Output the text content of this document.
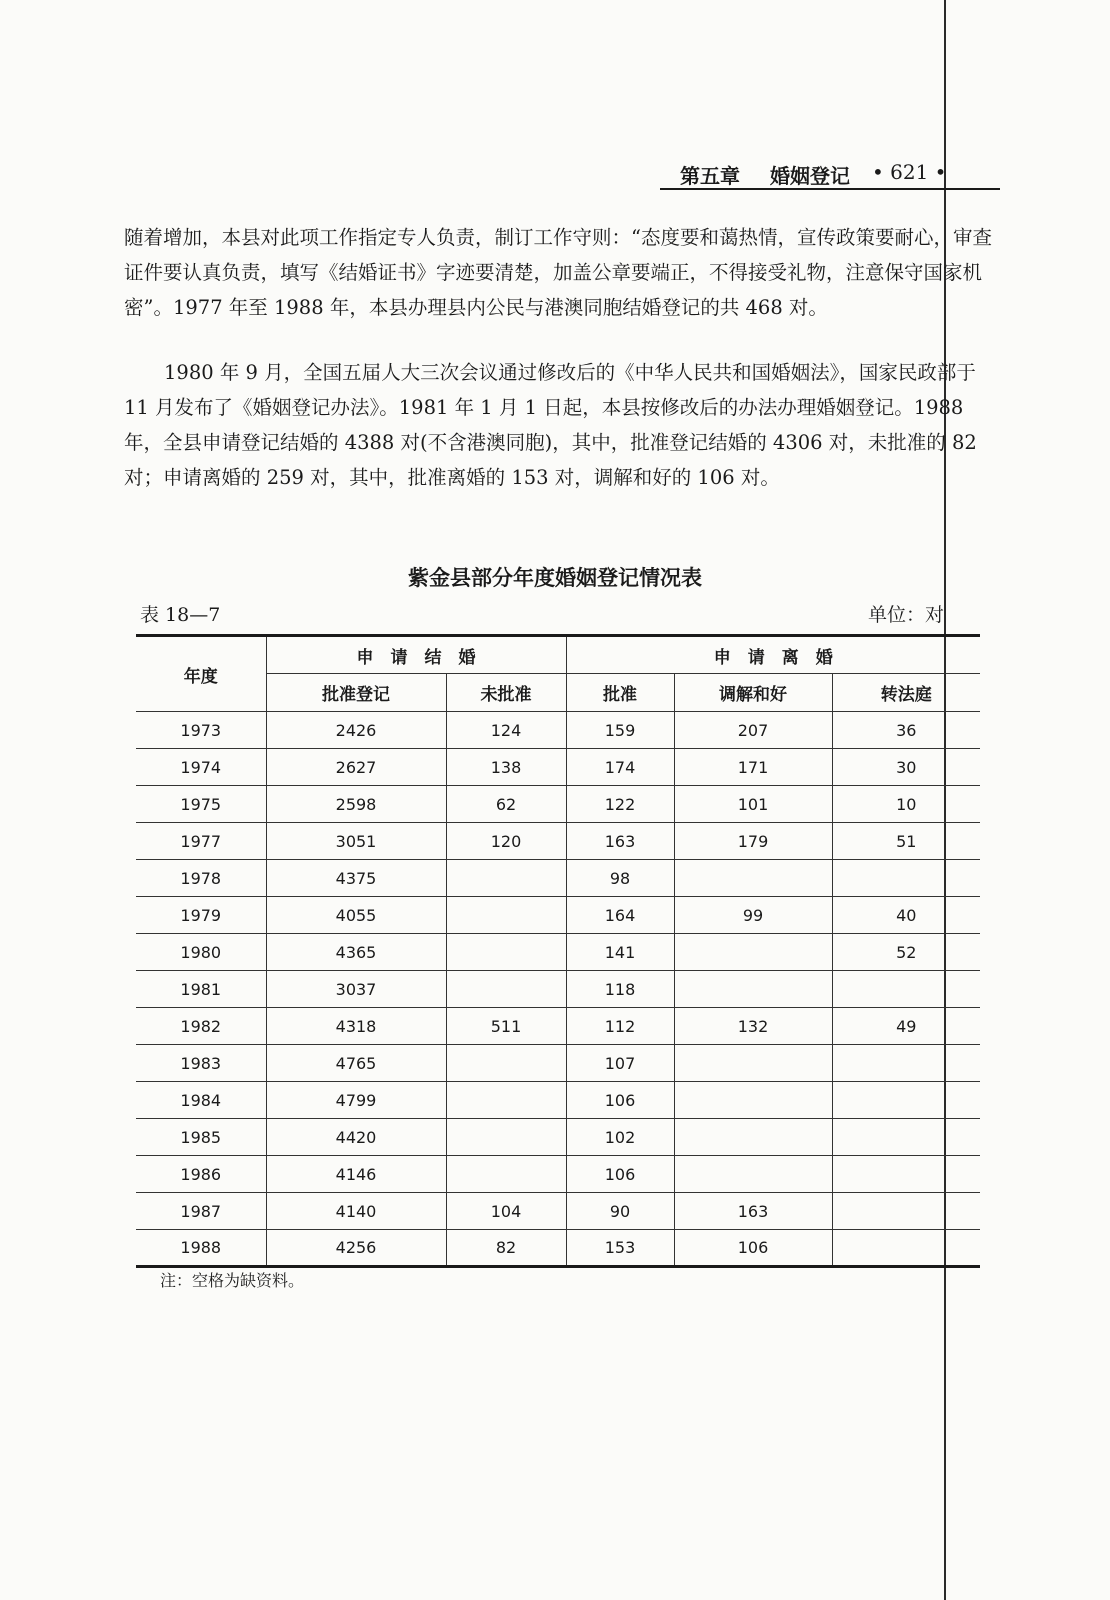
第五章 婚姻登记 • 621 •

随着增加，本县对此项工作指定专人负责，制订工作守则：“态度要和蔼热情，宣传政策要耐心，审查证件要认真负责，填写《结婚证书》字迹要清楚，加盖公章要端正，不得接受礼物，注意保守国家机密”。1977 年至 1988 年，本县办理县内公民与港澳同胞结婚登记的共 468 对。

1980 年 9 月，全国五届人大三次会议通过修改后的《中华人民共和国婚姻法》，国家民政部于 11 月发布了《婚姻登记办法》。1981 年 1 月 1 日起，本县按修改后的办法办理婚姻登记。1988 年，全县申请登记结婚的 4388 对(不含港澳同胞)，其中，批准登记结婚的 4306 对，未批准的 82 对；申请离婚的 259 对，其中，批准离婚的 153 对，调解和好的 106 对。

紫金县部分年度婚姻登记情况表
表 18—7	单位：对
年度	申　请　结　婚		申　请　离　婚		
	批准登记	未批准	批准	调解和好	转法庭
1973	2426	124	159	207	36
1974	2627	138	174	171	30
1975	2598	62	122	101	10
1977	3051	120	163	179	51
1978	4375		98		
1979	4055		164	99	40
1980	4365		141		52
1981	3037		118		
1982	4318	511	112	132	49
1983	4765		107		
1984	4799		106		
1985	4420		102		
1986	4146		106		
1987	4140	104	90	163	
1988	4256	82	153	106	
注：空格为缺资料。
